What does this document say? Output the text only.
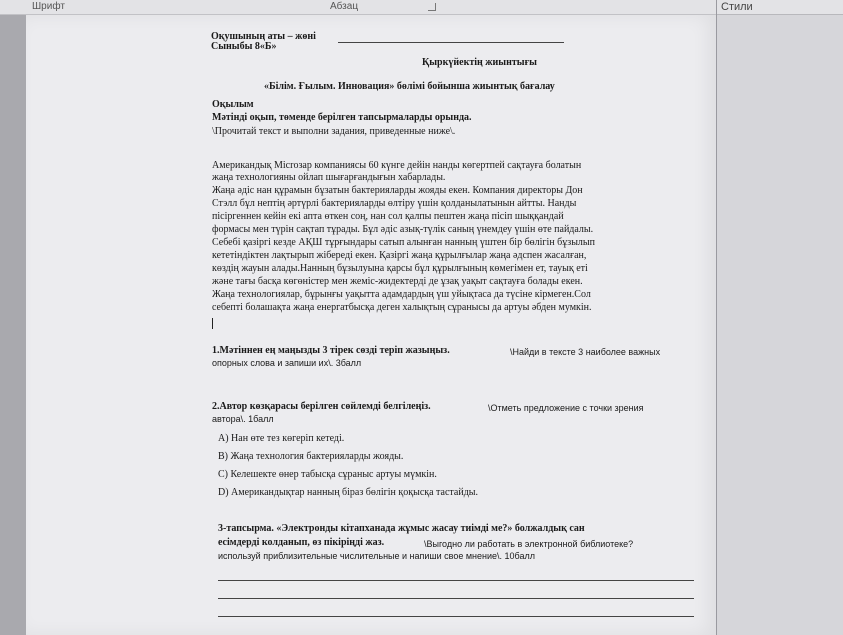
Шрифт	Абзац
Оқушының аты – жөні
Сыныбы 8«Б»
Қыркүйектің жиынтығы
«Білім. Ғылым. Инновация» бөлімі бойынша жиынтық бағалау
Оқылым
Мәтінді оқып, төменде берілген тапсырмаларды орында.
\Прочитай текст и выполни задания, приведенные ниже\.
Американдық Microзар компаниясы 60 күнге дейін нанды көгертпей сақтауға болатын
жаңа технологияны ойлап шығарғандығын хабарлады.
Жаңа әдіс нан құрамын бұзатын бактерияларды жояды екен. Компания директоры Дон
Стэлл бұл нептің әртүрлі бактерияларды өлтіру үшін қолданылатынын айтты. Нанды
пісіргеннен кейін екі апта өткен соң, нан сол қалпы пештен жаңа пісіп шыққандай
формасы мен түрін сақтап тұрады. Бұл әдіс азық-түлік саның үнемдеу үшін өте пайдалы.
Себебі қазіргі кезде АҚШ тұрғындары сатып алынған нанның үштен бір бөлігін бұзылып
кететіндіктен лақтырып жібереді екен. Қазіргі жаңа құрылғылар жаңа әдспен жасалған,
көздің жауын алады.Нанның бұзылуына қарсы бұл құрылғының көмегімен ет, тауық еті
және тағы басқа көгөністер мен жеміс-жидектерді де ұзақ уақыт сақтауға болады екен.
Жаңа технологиялар, бұрынғы уақытта адамдардың үш уйықтаса да түсіне кірмеген.Сол
себепті болашақта жаңа енергатбысқа деген халықтың сұранысы да артуы әбден мумкін.
1.Мәтіннен ең маңызды 3 тірек сөзді теріп жазыңыз.	\Найди в тексте 3 наиболее важных
опорных слова и запиши их\. 3балл
2.Автор көзқарасы берілген сөйлемді белгілеңіз.	\Отметь предложение с точки зрения
автора\. 1балл
А) Нан өте тез көгеріп кетеді.
В) Жаңа технология бактерияларды жояды.
С) Келешекте өнер табысқа сұраныс артуы мүмкін.
D) Американдықтар нанның біраз бөлігін қоқысқа тастайды.
3-тапсырма. «Электронды кітапханада жұмыс жасау тиімді ме?» болжалдық сан
есімдерді колданып, өз пікіріңді жаз.	\Выгодно ли работать в электронной библиотеке?
используй приблизительные числительные и напиши свое мнение\. 10балл
Стили
